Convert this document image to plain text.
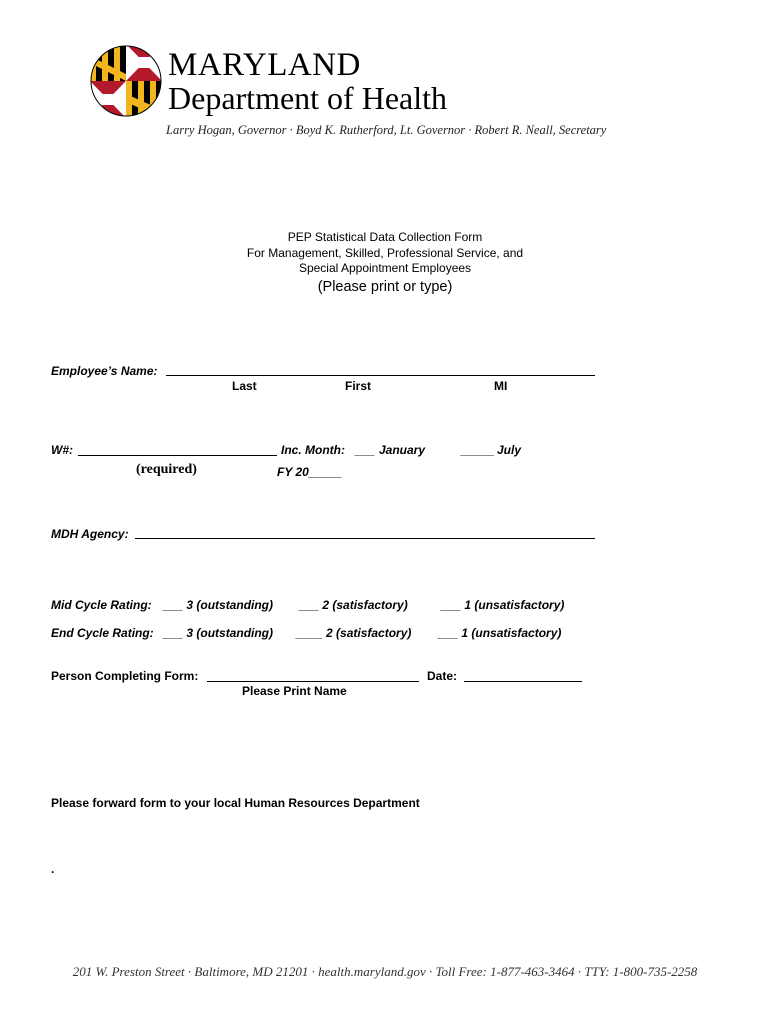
MARYLAND
Department of Health
Larry Hogan, Governor · Boyd K. Rutherford, Lt. Governor · Robert R. Neall, Secretary
PEP Statistical Data Collection Form
For Management, Skilled, Professional Service, and
Special Appointment Employees
(Please print or type)
Employee’s Name:
Last	First	MI
W#:	Inc. Month: ___ January	_____ July
(required)	FY 20_____
MDH Agency:
Mid Cycle Rating: ___ 3 (outstanding) ___ 2 (satisfactory)	___ 1 (unsatisfactory)
End Cycle Rating: ___ 3 (outstanding) ____ 2 (satisfactory) ___ 1 (unsatisfactory)
Person Completing Form:
Please Print Name
Date:
Please forward form to your local Human Resources Department
.
201 W. Preston Street · Baltimore, MD 21201 · health.maryland.gov · Toll Free: 1-877-463-3464 · TTY: 1-800-735-2258
